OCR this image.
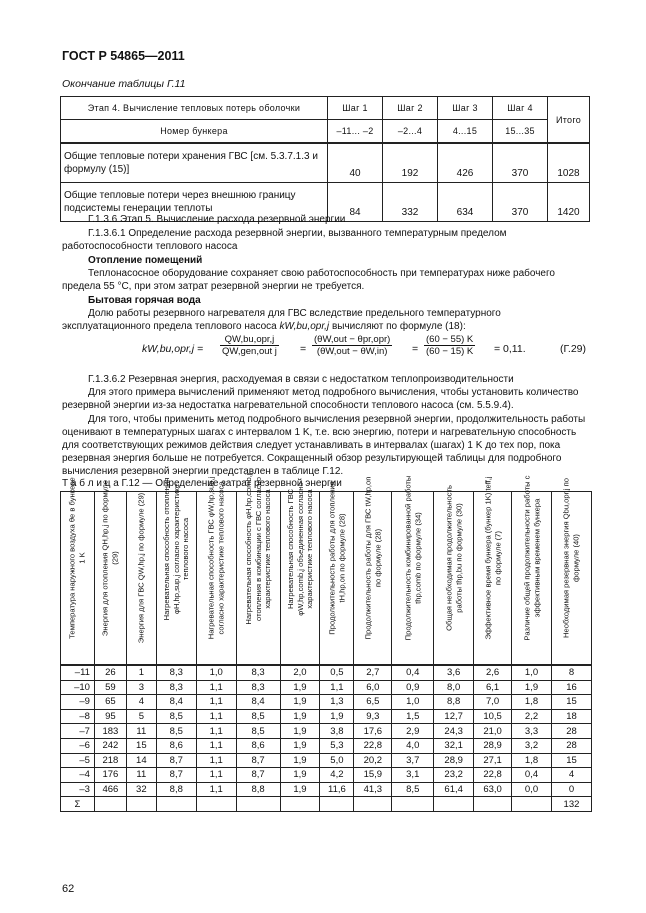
ГОСТ Р 54865—2011
Окончание таблицы Г.11
Этап 4. Вычисление тепловых потерь оболочки	Шаг 1	Шаг 2	Шаг 3	Шаг 4	Итого
Номер бункера	–11... –2	–2...4	4...15	15...35	
Общие тепловые потери хранения ГВС [см. 5.3.7.1.3 и формулу (15)]	40	192	426	370	1028
Общие тепловые потери через внешнюю границу подсистемы генерации теплоты	84	332	634	370	1420
Г.1.3.6 Этап 5. Вычисление расхода резервной энергии
Г.1.3.6.1 Определение расхода резервной энергии, вызванного температурным пределом работоспособности теплового насоса
Отопление помещений
Теплонасосное оборудование сохраняет свою работоспособность при температурах ниже рабочего предела 55 °С, при этом затрат резервной энергии не требуется.
Бытовая горячая вода
Долю работы резервного нагревателя для ГВС вследствие предельного температурного эксплуатационного предела теплового насоса kW,bu,opr,j вычисляют по формуле (18):
kW,bu,opr,j =
QW,bu,opr,j
QW,gen,out j =
(θW,out − θpr,opr)
(θW,out − θW,in)	= $\frac{(60 - 55) K}{(60 - 15) K} = 0,11$.	(Г.29)
Г.1.3.6.2 Резервная энергия, расходуемая в связи с недостатком теплопроизводительности
Для этого примера вычислений применяют метод подробного вычисления, чтобы установить количество резервной энергии из-за недостатка нагревательной способности теплового насоса (см. 5.5.9.4).
Для того, чтобы применить метод подробного вычисления резервной энергии, продолжительность работы оценивают в температурных шагах с интервалом 1 K, т.е. всю энергию, потери и нагревательную способность для соответствующих режимов действия следует устанавливать в интервалах (шагах) 1 K до тех пор, пока резервная энергия больше не потребуется. Сокращенный обзор результирующей таблицы для подробного вычисления резервной энергии представлен в таблице Г.12.
Т а б л и ц а Г.12 — Определение затрат резервной энергии
Температура наружного воздуха θe в бункере 1 K	Энергия для отопления QH,hp,j по формуле (29)	Энергия для ГВС QW,hp,j по формуле (29)	Нагревательная способность отопления φH,hp,sup,j согласно характеристике теплового насоса	Нагревательная способность ГВС φW,hp,sup,j согласно характеристике теплового насоса	Нагревательная способность φH,hp,comb,j отопления в комбинации с ГВС согласно характеристике теплового насоса	Нагревательная способность ГВС φW,hp,comb,j объединенная согласно характеристике теплового насоса	Продолжительность работы для отопления tH,hp,on по формуле (28)	Продолжительность работы для ГВС tW,hp,on по формуле (28)	Продолжительность комбинированной работы thp,comb по формуле (34)	Общая необходимая продолжительность работы thp,bu по формуле (30)	Эффективное время бункера (бункер 1K) teff,j по формуле (7)	Различие общей продолжительности работы с эффективным временем бункера	Необходимая резервная энергия Qbu,opr,j по формуле (40)

–11	26	1	8,3	1,0	8,3	2,0	0,5	2,7	0,4	3,6	2,6	1,0	8
–10	59	3	8,3	1,1	8,3	1,9	1,1	6,0	0,9	8,0	6,1	1,9	16
–9	65	4	8,4	1,1	8,4	1,9	1,3	6,5	1,0	8,8	7,0	1,8	15
–8	95	5	8,5	1,1	8,5	1,9	1,9	9,3	1,5	12,7	10,5	2,2	18
–7	183	11	8,5	1,1	8,5	1,9	3,8	17,6	2,9	24,3	21,0	3,3	28
–6	242	15	8,6	1,1	8,6	1,9	5,3	22,8	4,0	32,1	28,9	3,2	28
–5	218	14	8,7	1,1	8,7	1,9	5,0	20,2	3,7	28,9	27,1	1,8	15
–4	176	11	8,7	1,1	8,7	1,9	4,2	15,9	3,1	23,2	22,8	0,4	4
–3	466	32	8,8	1,1	8,8	1,9	11,6	41,3	8,5	61,4	63,0	0,0	0
Σ													132
62
